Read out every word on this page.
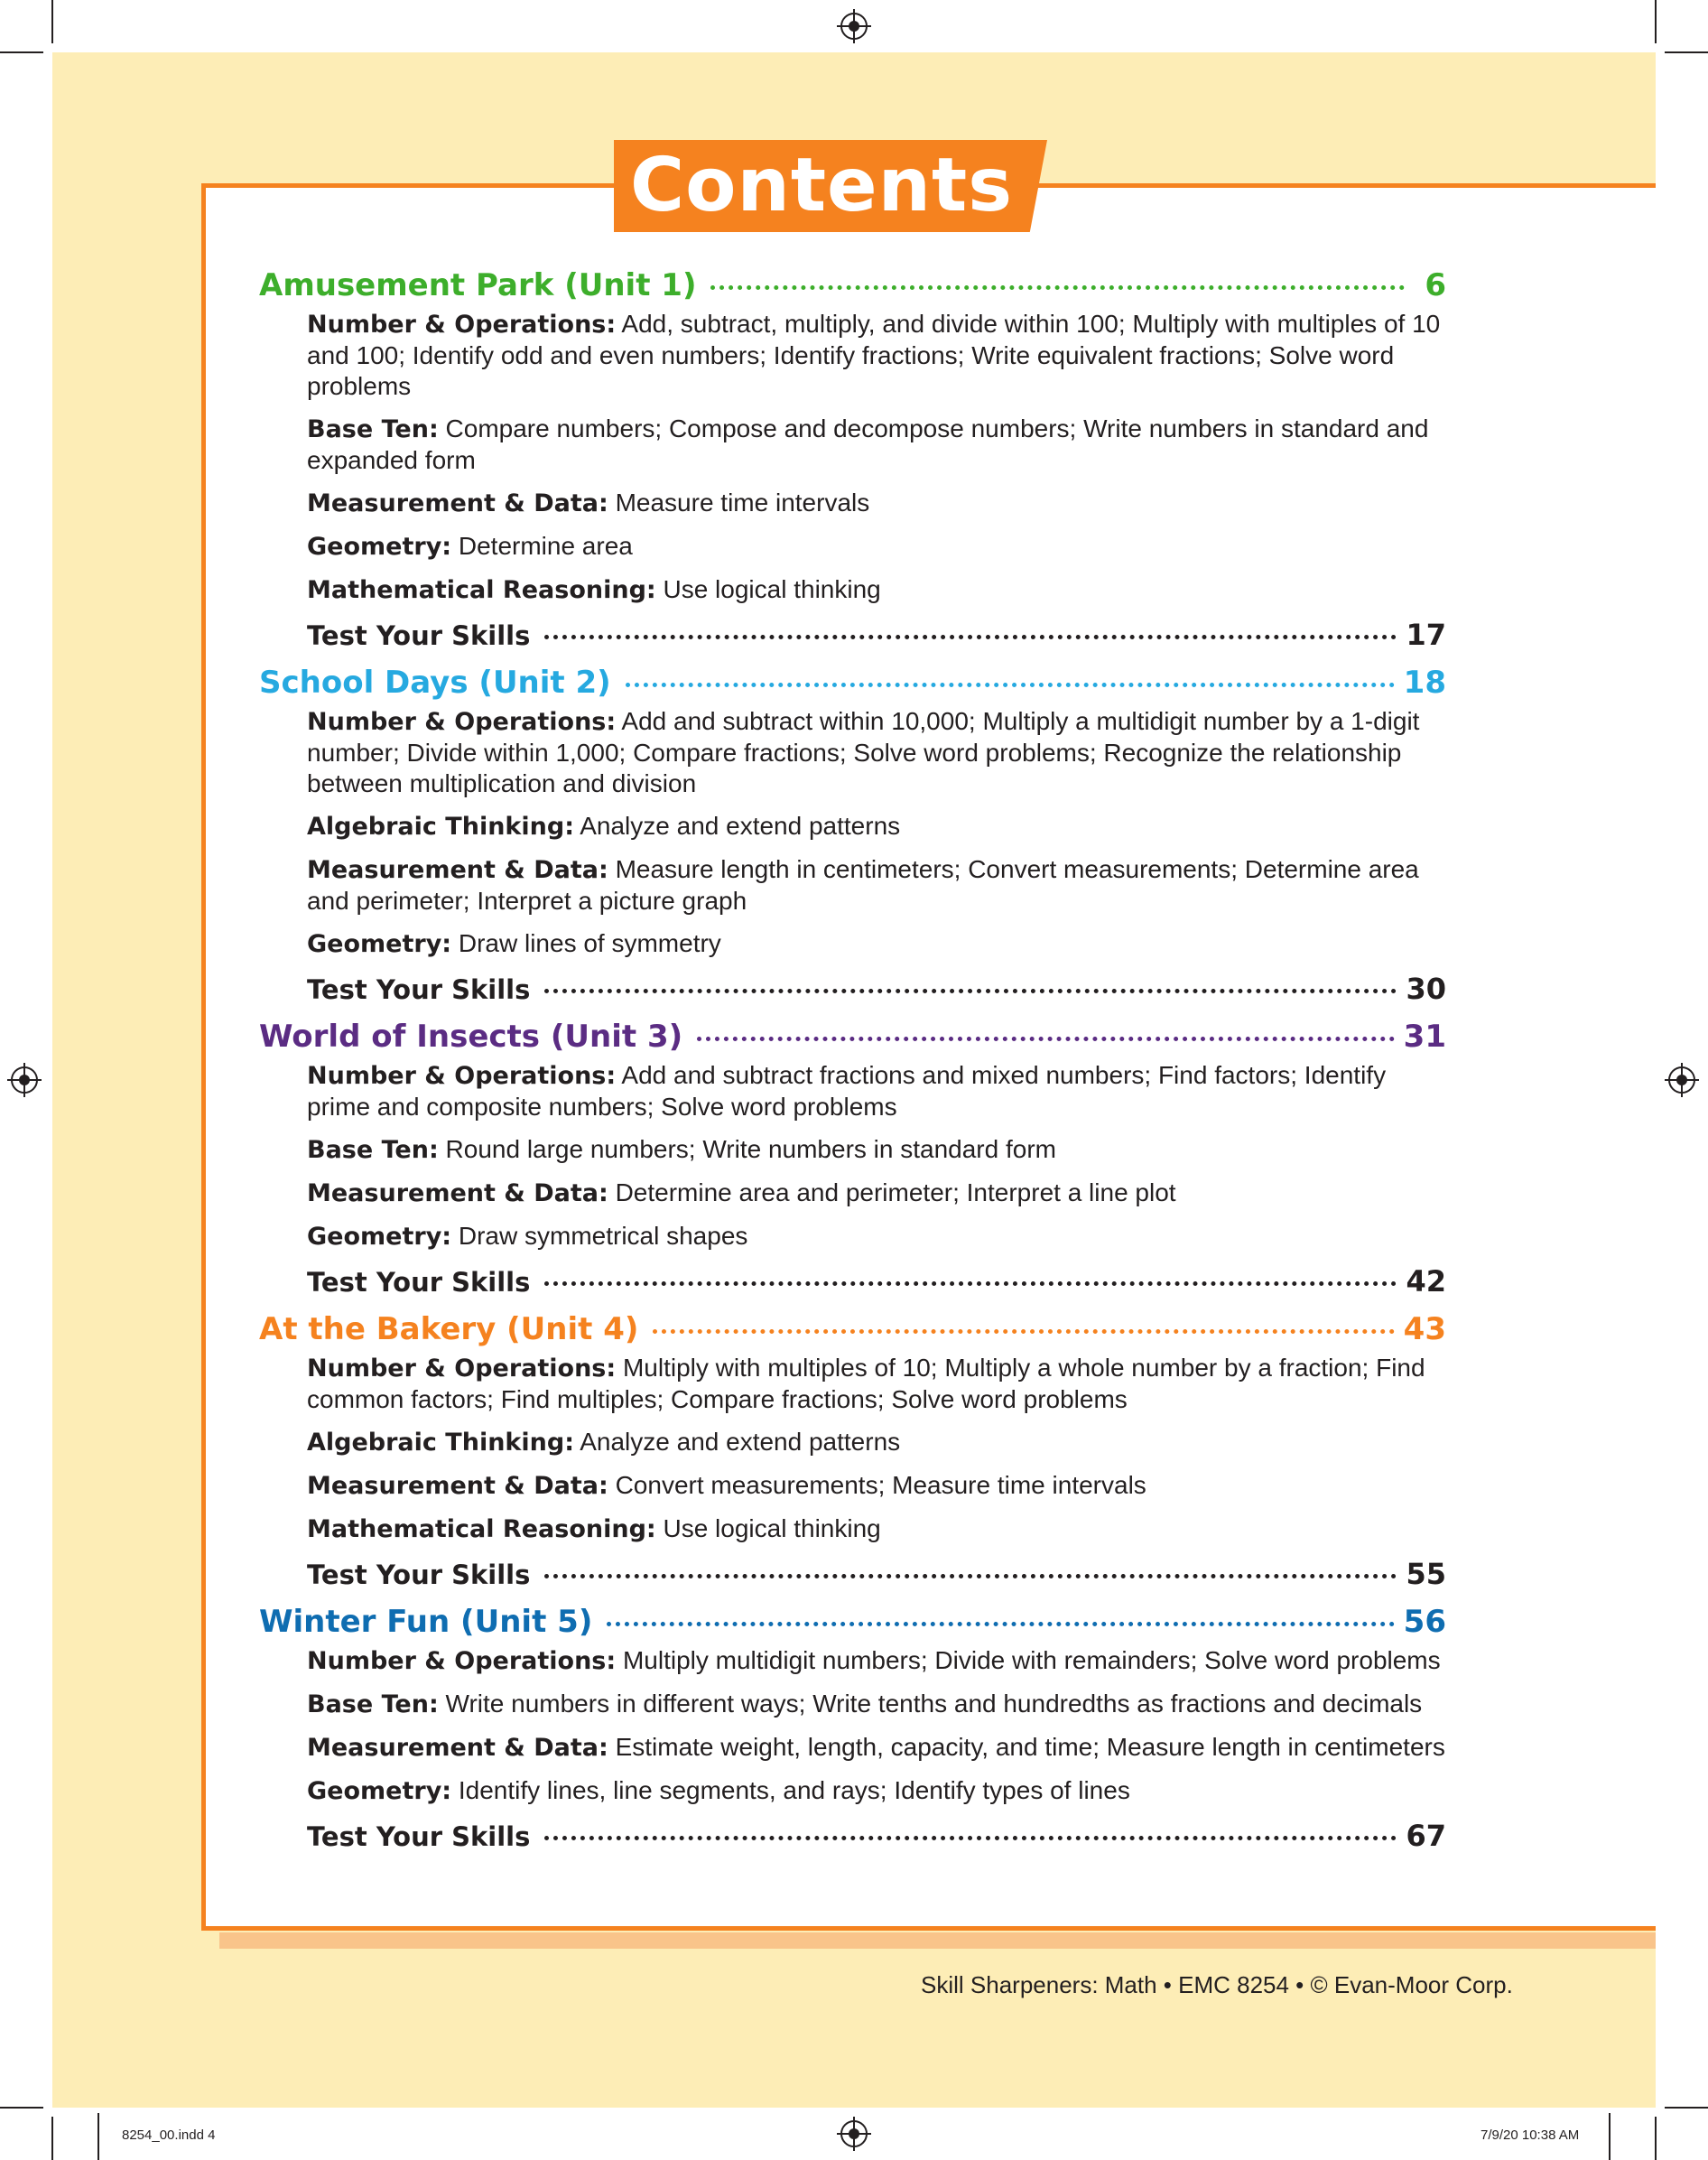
Contents
Amusement Park (Unit 1)	6
Number & Operations: Add, subtract, multiply, and divide within 100; Multiply with multiples of 10 and 100; Identify odd and even numbers; Identify fractions; Write equivalent fractions; Solve word problems
Base Ten: Compare numbers; Compose and decompose numbers; Write numbers in standard and expanded form
Measurement & Data: Measure time intervals
Geometry: Determine area
Mathematical Reasoning: Use logical thinking
Test Your Skills	17
School Days (Unit 2)	18
Number & Operations: Add and subtract within 10,000; Multiply a multidigit number by a 1-digit number; Divide within 1,000; Compare fractions; Solve word problems; Recognize the relationship between multiplication and division
Algebraic Thinking: Analyze and extend patterns
Measurement & Data: Measure length in centimeters; Convert measurements; Determine area and perimeter; Interpret a picture graph
Geometry: Draw lines of symmetry
Test Your Skills	30
World of Insects (Unit 3)	31
Number & Operations: Add and subtract fractions and mixed numbers; Find factors; Identify prime and composite numbers; Solve word problems
Base Ten: Round large numbers; Write numbers in standard form
Measurement & Data: Determine area and perimeter; Interpret a line plot
Geometry: Draw symmetrical shapes
Test Your Skills	42
At the Bakery (Unit 4)	43
Number & Operations: Multiply with multiples of 10; Multiply a whole number by a fraction; Find common factors; Find multiples; Compare fractions; Solve word problems
Algebraic Thinking: Analyze and extend patterns
Measurement & Data: Convert measurements; Measure time intervals
Mathematical Reasoning: Use logical thinking
Test Your Skills	55
Winter Fun (Unit 5)	56
Number & Operations: Multiply multidigit numbers; Divide with remainders; Solve word problems
Base Ten: Write numbers in different ways; Write tenths and hundredths as fractions and decimals
Measurement & Data: Estimate weight, length, capacity, and time; Measure length in centimeters
Geometry: Identify lines, line segments, and rays; Identify types of lines
Test Your Skills	67
Skill Sharpeners: Math • EMC 8254 • © Evan-Moor Corp.
8254_00.indd 4	7/9/20 10:38 AM
